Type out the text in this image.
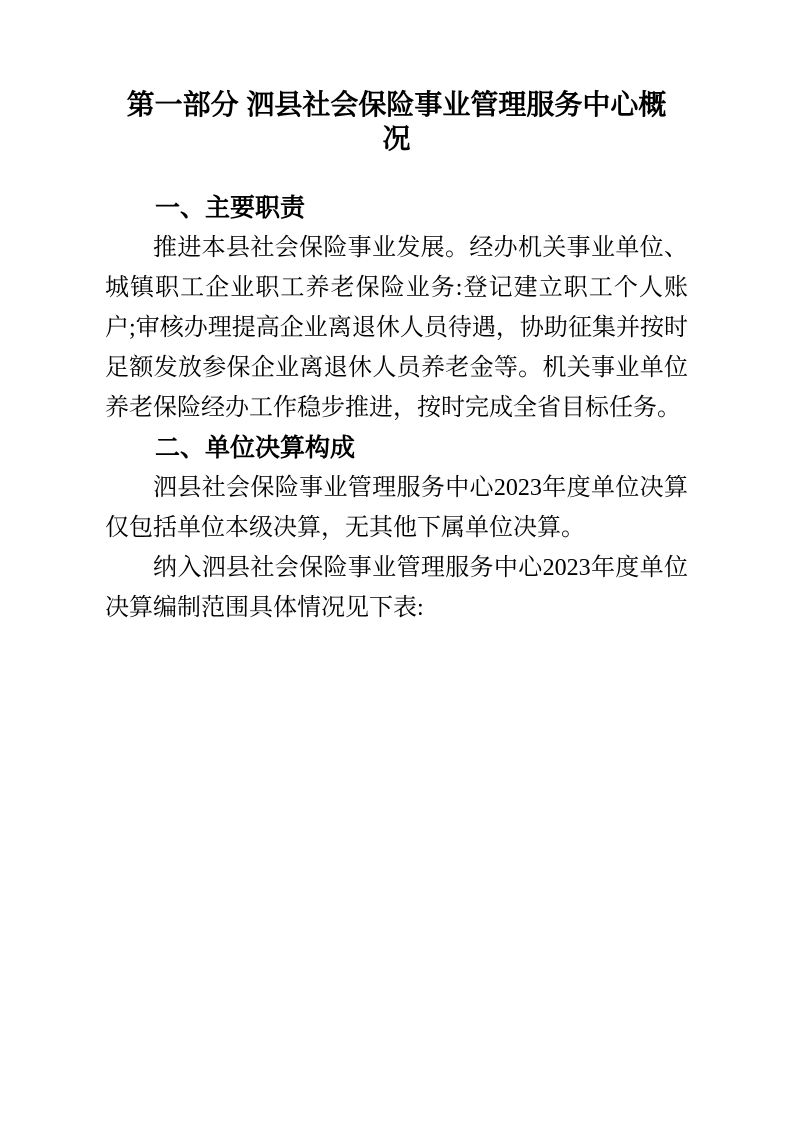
第一部分 泗县社会保险事业管理服务中心概况
一、主要职责

推进本县社会保险事业发展。经办机关事业单位、城镇职工企业职工养老保险业务:登记建立职工个人账户;审核办理提高企业离退休人员待遇，协助征集并按时足额发放参保企业离退休人员养老金等。机关事业单位养老保险经办工作稳步推进，按时完成全省目标任务。

二、单位决算构成

泗县社会保险事业管理服务中心2023年度单位决算仅包括单位本级决算，无其他下属单位决算。

纳入泗县社会保险事业管理服务中心2023年度单位决算编制范围具体情况见下表:
